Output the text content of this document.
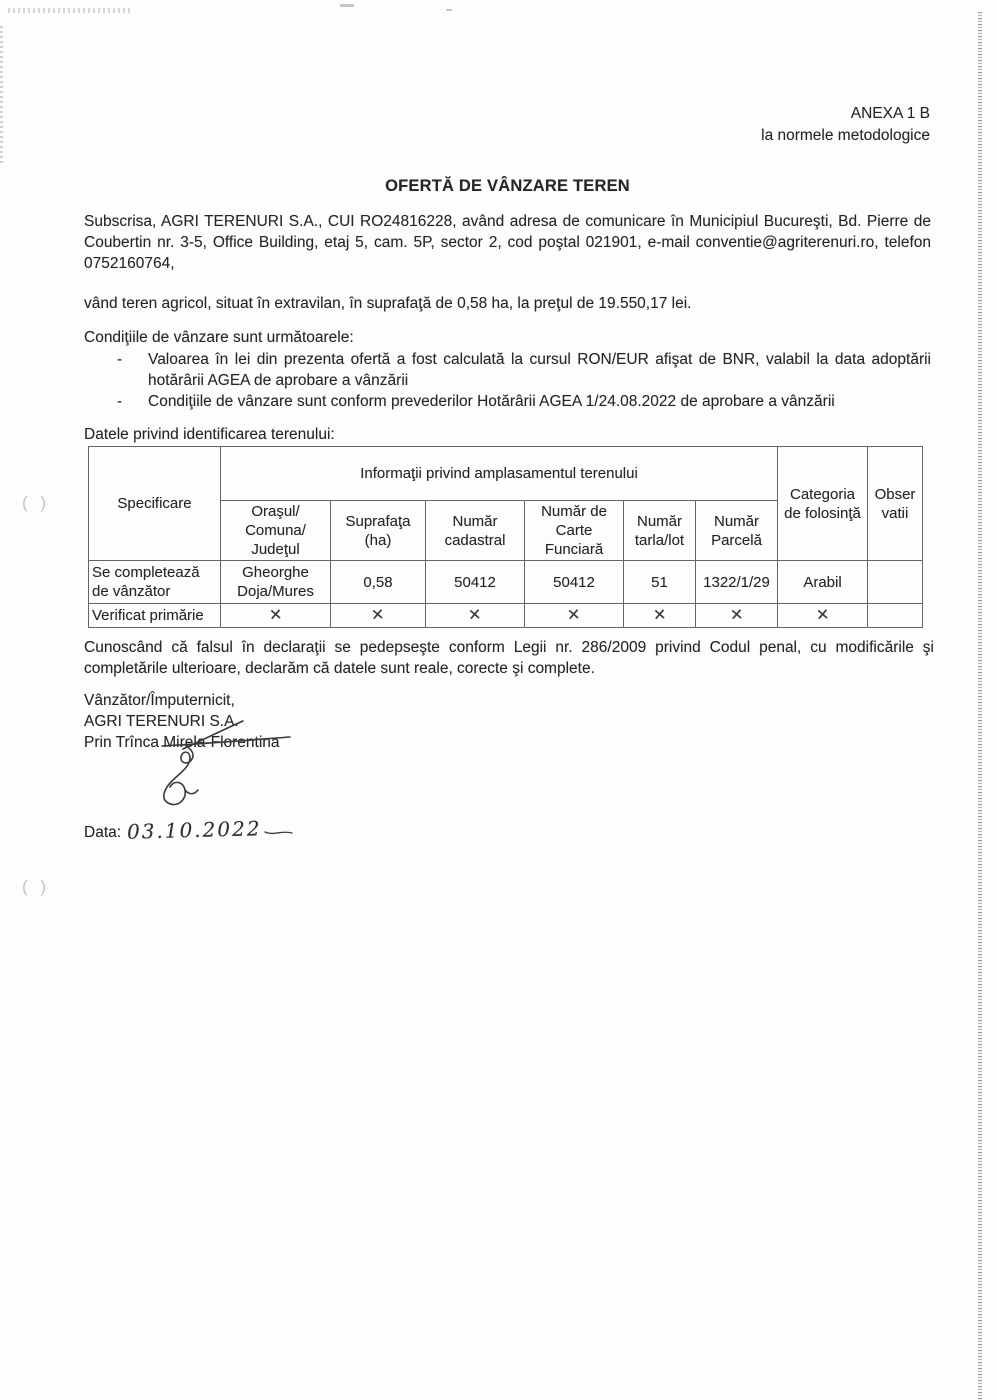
( )
( )
ANEXA 1 B
la normele metodologice
OFERTĂ DE VÂNZARE TEREN
Subscrisa, AGRI TERENURI S.A., CUI RO24816228, având adresa de comunicare în Municipiul Bucureşti, Bd. Pierre de Coubertin nr. 3-5, Office Building, etaj 5, cam. 5P, sector 2, cod poştal 021901, e-mail conventie@agriterenuri.ro, telefon 0752160764,
vând teren agricol, situat în extravilan, în suprafaţă de 0,58 ha, la preţul de 19.550,17 lei.
Condiţiile de vânzare sunt următoarele:
- Valoarea în lei din prezenta ofertă a fost calculată la cursul RON/EUR afişat de BNR, valabil la data adoptării hotărârii AGEA de aprobare a vânzării
- Condiţiile de vânzare sunt conform prevederilor Hotărârii AGEA 1/24.08.2022 de aprobare a vânzării
Datele privind identificarea terenului:
Specificare	Informaţii privind amplasamentul terenului						Categoria de folosinţă	Obser vatii
	Oraşul/ Comuna/ Judeţul	Suprafaţa (ha)	Număr cadastral	Număr de Carte Funciară	Număr tarla/lot	Număr Parcelă		
Se completează de vânzător	Gheorghe Doja/Mures	0,58	50412	50412	51	1322/1/29	Arabil	
Verificat primărie	✕	✕	✕	✕	✕	✕	✕	
Cunoscând că falsul în declaraţii se pedepseşte conform Legii nr. 286/2009 privind Codul penal, cu modificările şi completările ulterioare, declarăm că datele sunt reale, corecte şi complete.
Vânzător/Împuternicit,
AGRI TERENURI S.A.
Prin Trînca Mirela-Florentina
Data: 03.10.2022
